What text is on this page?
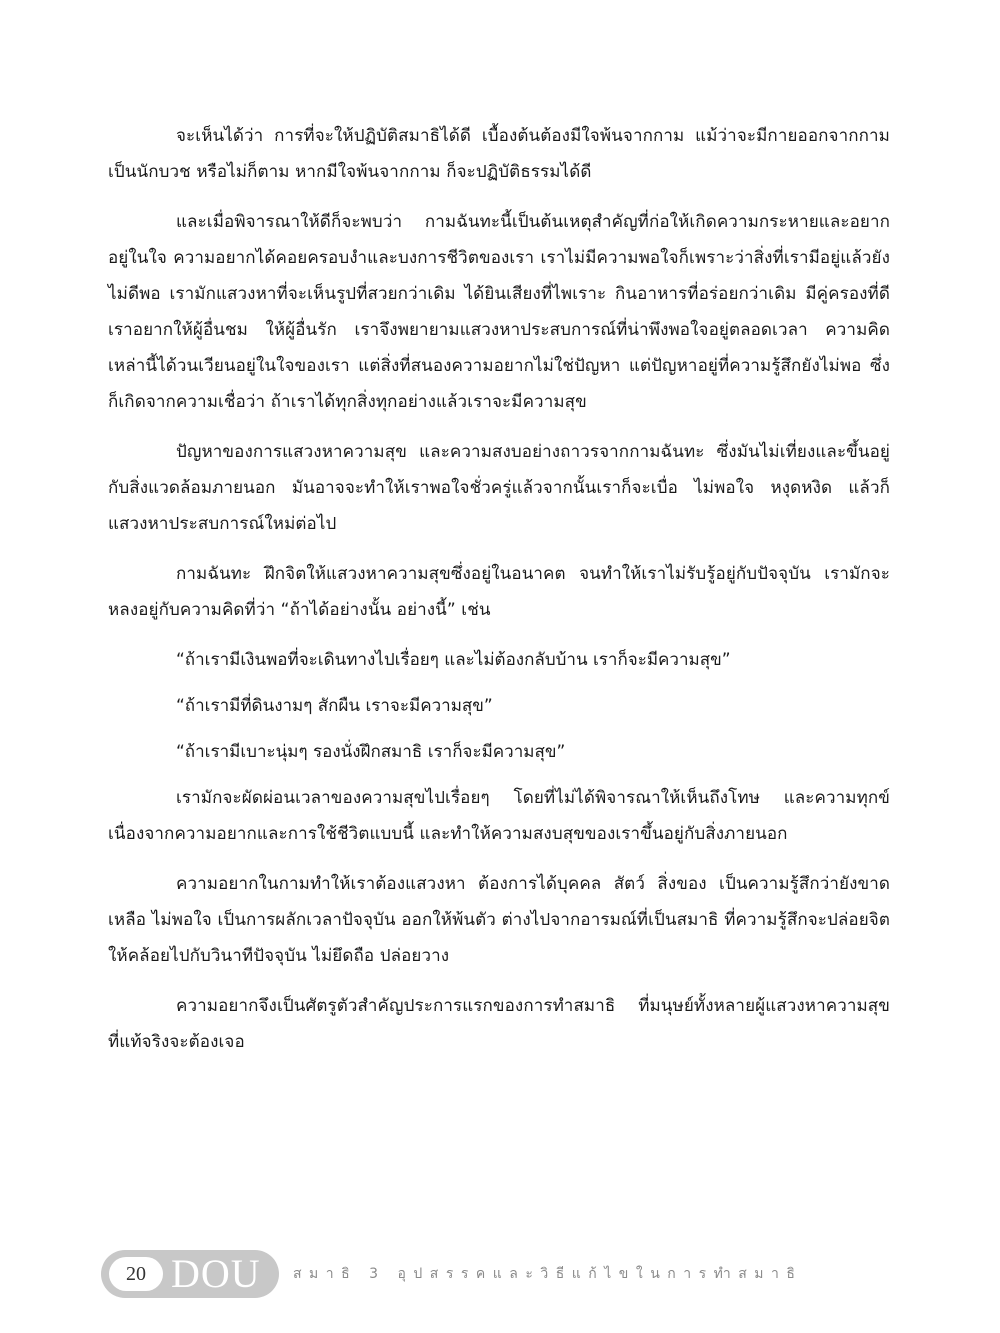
จะเห็นได้ว่า การที่จะให้ปฏิบัติสมาธิได้ดี เบื้องต้นต้องมีใจพ้นจากกาม แม้ว่าจะมีกายออกจากกามเป็นนักบวช หรือไม่ก็ตาม หากมีใจพ้นจากกาม ก็จะปฏิบัติธรรมได้ดี

และเมื่อพิจารณาให้ดีก็จะพบว่า กามฉันทะนี้เป็นต้นเหตุสำคัญที่ก่อให้เกิดความกระหายและอยากอยู่ในใจ ความอยากได้คอยครอบงำและบงการชีวิตของเรา เราไม่มีความพอใจก็เพราะว่าสิ่งที่เรามีอยู่แล้วยังไม่ดีพอ เรามักแสวงหาที่จะเห็นรูปที่สวยกว่าเดิม ได้ยินเสียงที่ไพเราะ กินอาหารที่อร่อยกว่าเดิม มีคู่ครองที่ดี เราอยากให้ผู้อื่นชม ให้ผู้อื่นรัก เราจึงพยายามแสวงหาประสบการณ์ที่น่าพึงพอใจอยู่ตลอดเวลา ความคิดเหล่านี้ได้วนเวียนอยู่ในใจของเรา แต่สิ่งที่สนองความอยากไม่ใช่ปัญหา แต่ปัญหาอยู่ที่ความรู้สึกยังไม่พอ ซึ่งก็เกิดจากความเชื่อว่า ถ้าเราได้ทุกสิ่งทุกอย่างแล้วเราจะมีความสุข

ปัญหาของการแสวงหาความสุข และความสงบอย่างถาวรจากกามฉันทะ ซึ่งมันไม่เที่ยงและขึ้นอยู่กับสิ่งแวดล้อมภายนอก มันอาจจะทำให้เราพอใจชั่วครู่แล้วจากนั้นเราก็จะเบื่อ ไม่พอใจ หงุดหงิด แล้วก็แสวงหาประสบการณ์ใหม่ต่อไป

กามฉันทะ ฝึกจิตให้แสวงหาความสุขซึ่งอยู่ในอนาคต จนทำให้เราไม่รับรู้อยู่กับปัจจุบัน เรามักจะหลงอยู่กับความคิดที่ว่า “ถ้าได้อย่างนั้น อย่างนี้” เช่น

“ถ้าเรามีเงินพอที่จะเดินทางไปเรื่อยๆ และไม่ต้องกลับบ้าน เราก็จะมีความสุข”

“ถ้าเรามีที่ดินงามๆ สักผืน เราจะมีความสุข”

“ถ้าเรามีเบาะนุ่มๆ รองนั่งฝึกสมาธิ เราก็จะมีความสุข”

เรามักจะผัดผ่อนเวลาของความสุขไปเรื่อยๆ โดยที่ไม่ได้พิจารณาให้เห็นถึงโทษ และความทุกข์เนื่องจากความอยากและการใช้ชีวิตแบบนี้ และทำให้ความสงบสุขของเราขึ้นอยู่กับสิ่งภายนอก

ความอยากในกามทำให้เราต้องแสวงหา ต้องการได้บุคคล สัตว์ สิ่งของ เป็นความรู้สึกว่ายังขาดเหลือ ไม่พอใจ เป็นการผลักเวลาปัจจุบัน ออกให้พ้นตัว ต่างไปจากอารมณ์ที่เป็นสมาธิ ที่ความรู้สึกจะปล่อยจิตให้คล้อยไปกับวินาทีปัจจุบัน ไม่ยึดถือ ปล่อยวาง

ความอยากจึงเป็นศัตรูตัวสำคัญประการแรกของการทำสมาธิ ที่มนุษย์ทั้งหลายผู้แสวงหาความสุขที่แท้จริงจะต้องเจอ

20 DOU สมาธิ 3 อุปสรรคและวิธีแก้ไขในการทำสมาธิ
